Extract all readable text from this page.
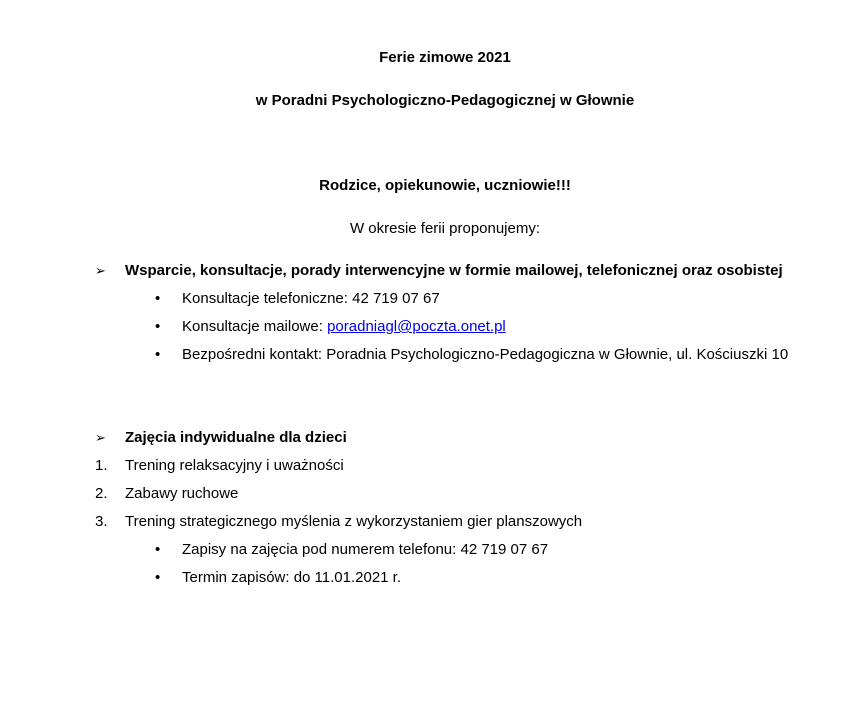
Ferie zimowe 2021
w Poradni Psychologiczno-Pedagogicznej w Głownie
Rodzice, opiekunowie, uczniowie!!!
W okresie ferii proponujemy:
➢	Wsparcie, konsultacje, porady interwencyjne w formie mailowej, telefonicznej oraz osobistej
•	Konsultacje telefoniczne: 42 719 07 67
•	Konsultacje mailowe: poradniagl@poczta.onet.pl
•	Bezpośredni kontakt: Poradnia Psychologiczno-Pedagogiczna w Głownie, ul. Kościuszki 10
➢	Zajęcia indywidualne dla dzieci
1.	Trening relaksacyjny i uważności
2.	Zabawy ruchowe
3.	Trening strategicznego myślenia z wykorzystaniem gier planszowych
•	Zapisy na zajęcia pod numerem telefonu: 42 719 07 67
•	Termin zapisów: do 11.01.2021 r.
